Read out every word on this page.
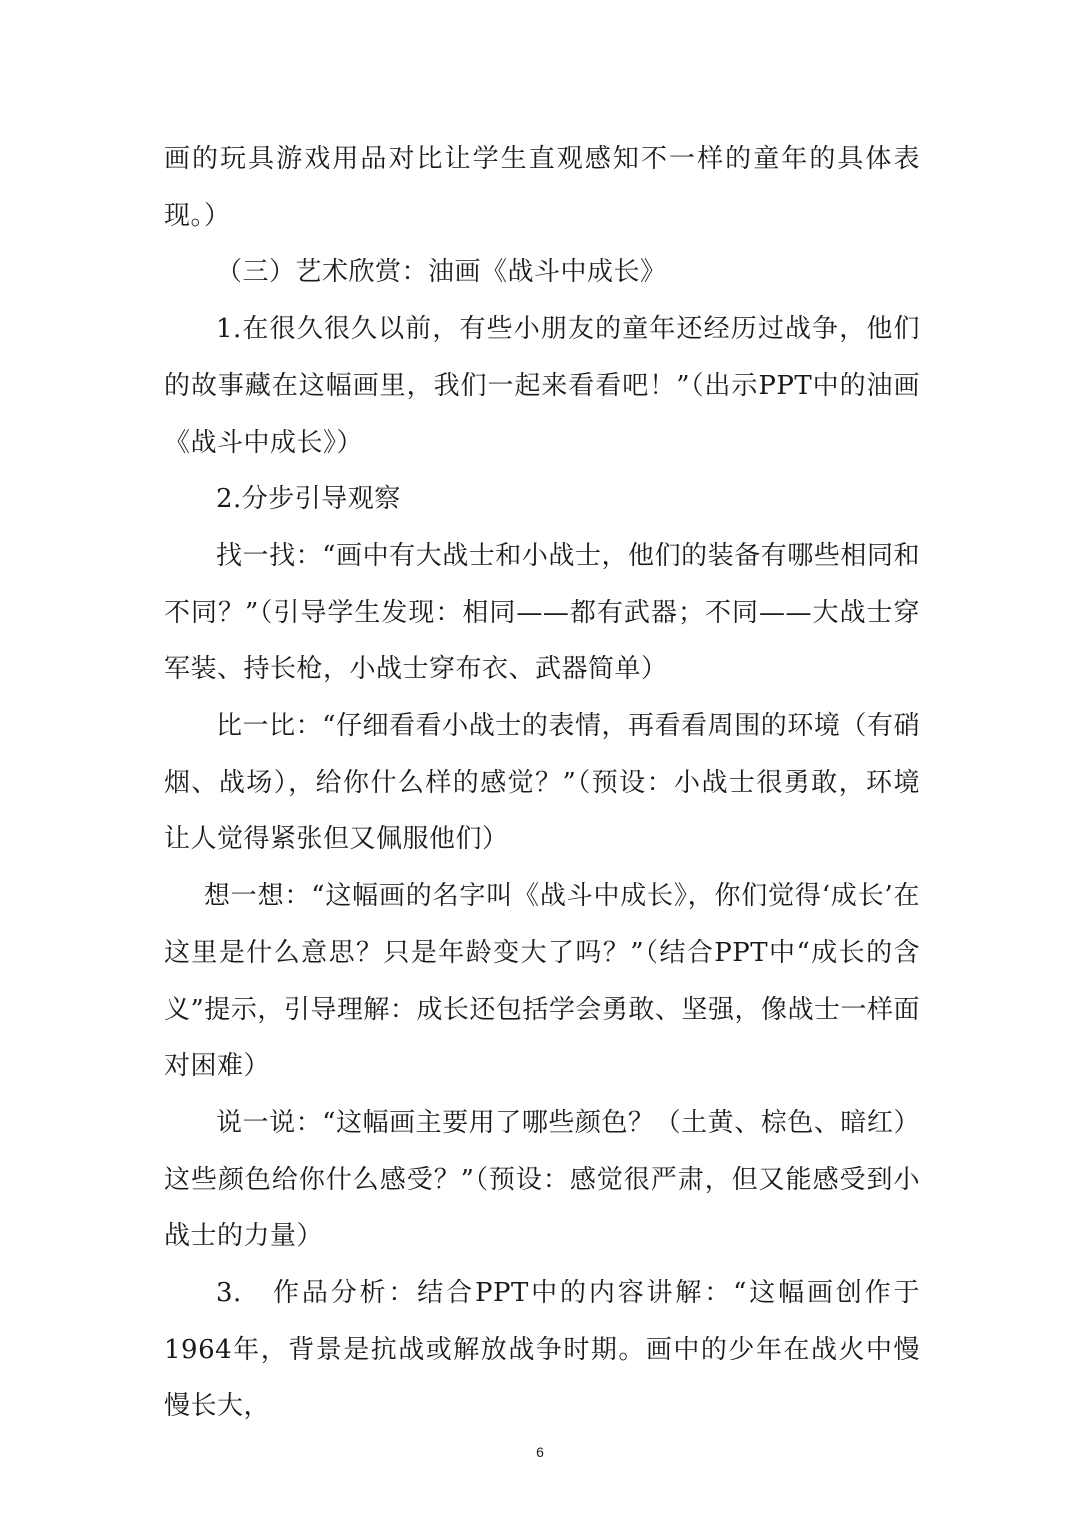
画的玩具游戏用品对比让学生直观感知不一样的童年的具体表现。）

（三）艺术欣赏：油画《战斗中成长》

1.在很久很久以前，有些小朋友的童年还经历过战争，他们的故事藏在这幅画里，我们一起来看看吧！”（出示PPT中的油画《战斗中成长》）

2.分步引导观察

找一找：“画中有大战士和小战士，他们的装备有哪些相同和不同？”（引导学生发现：相同——都有武器；不同——大战士穿军装、持长枪，小战士穿布衣、武器简单）

比一比：“仔细看看小战士的表情，再看看周围的环境（有硝烟、战场），给你什么样的感觉？”（预设：小战士很勇敢，环境让人觉得紧张但又佩服他们）

想一想：“这幅画的名字叫《战斗中成长》，你们觉得‘成长’在这里是什么意思？只是年龄变大了吗？”（结合PPT中“成长的含义”提示，引导理解：成长还包括学会勇敢、坚强，像战士一样面对困难）

说一说：“这幅画主要用了哪些颜色？（土黄、棕色、暗红）这些颜色给你什么感受？”（预设：感觉很严肃，但又能感受到小战士的力量）

3.　作品分析：结合PPT中的内容讲解：“这幅画创作于1964年，背景是抗战或解放战争时期。画中的少年在战火中慢慢长大，

6
